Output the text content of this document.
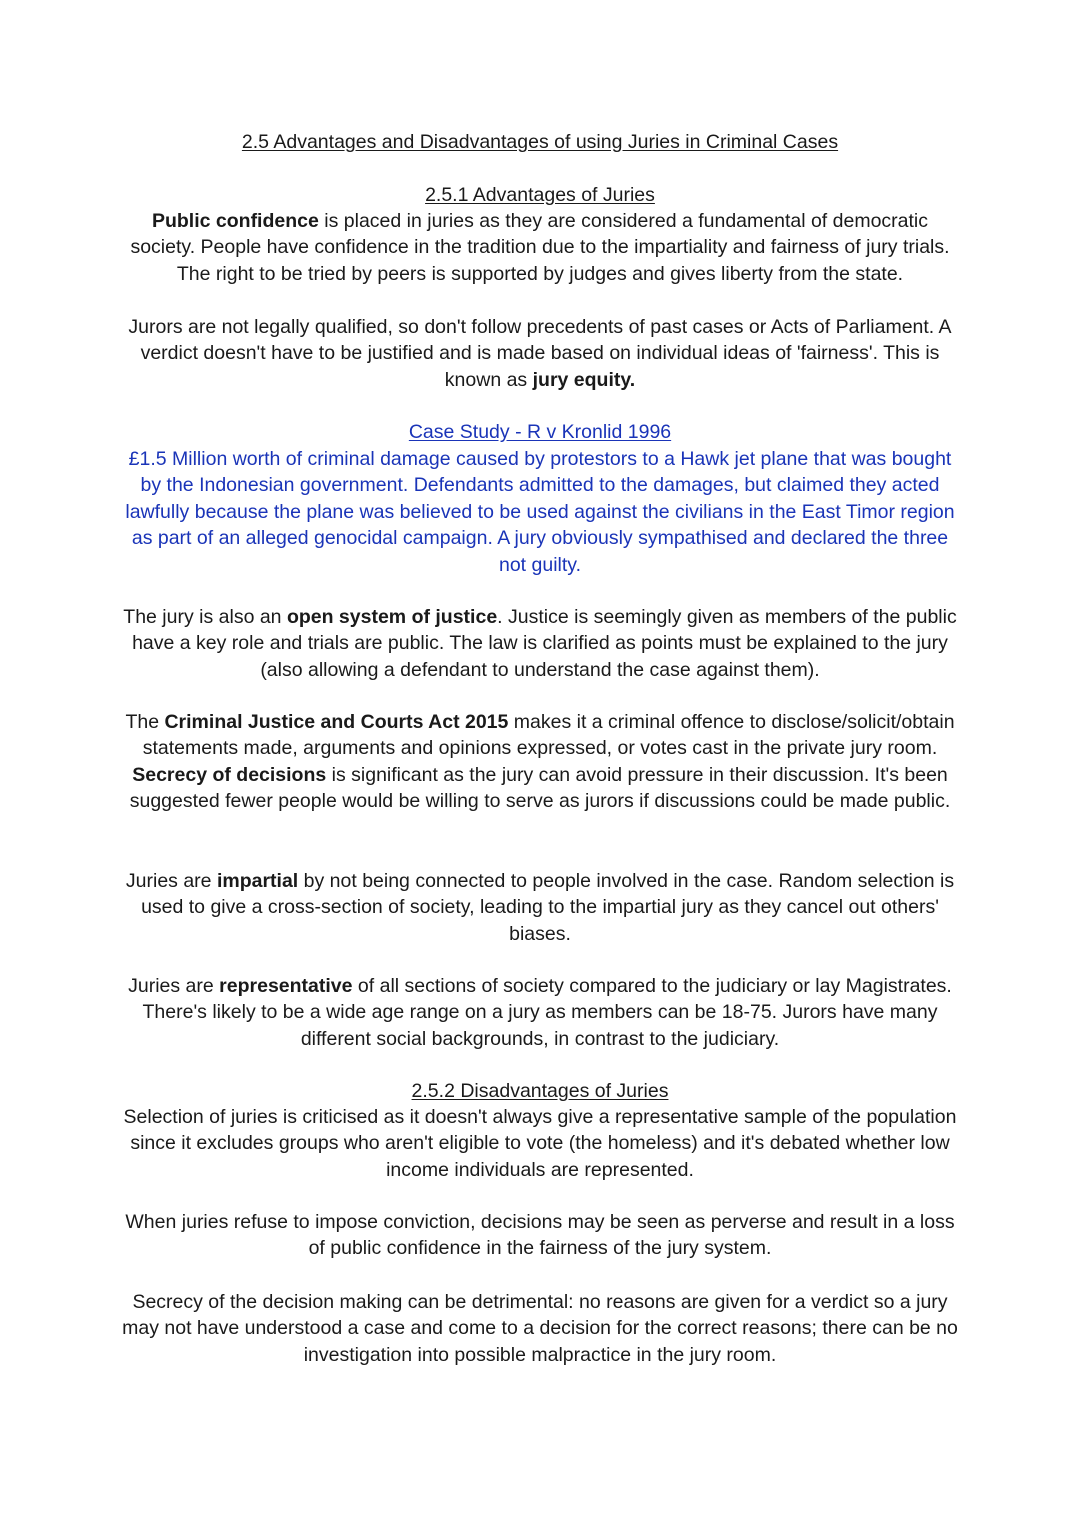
2.5 Advantages and Disadvantages of using Juries in Criminal Cases

2.5.1 Advantages of Juries

Public confidence is placed in juries as they are considered a fundamental of democratic society. People have confidence in the tradition due to the impartiality and fairness of jury trials. The right to be tried by peers is supported by judges and gives liberty from the state.

Jurors are not legally qualified, so don't follow precedents of past cases or Acts of Parliament. A verdict doesn't have to be justified and is made based on individual ideas of 'fairness'. This is known as jury equity.

Case Study - R v Kronlid 1996

£1.5 Million worth of criminal damage caused by protestors to a Hawk jet plane that was bought by the Indonesian government. Defendants admitted to the damages, but claimed they acted lawfully because the plane was believed to be used against the civilians in the East Timor region as part of an alleged genocidal campaign. A jury obviously sympathised and declared the three not guilty.

The jury is also an open system of justice. Justice is seemingly given as members of the public have a key role and trials are public. The law is clarified as points must be explained to the jury (also allowing a defendant to understand the case against them).

The Criminal Justice and Courts Act 2015 makes it a criminal offence to disclose/solicit/obtain statements made, arguments and opinions expressed, or votes cast in the private jury room. Secrecy of decisions is significant as the jury can avoid pressure in their discussion. It's been suggested fewer people would be willing to serve as jurors if discussions could be made public.

Juries are impartial by not being connected to people involved in the case. Random selection is used to give a cross-section of society, leading to the impartial jury as they cancel out others' biases.

Juries are representative of all sections of society compared to the judiciary or lay Magistrates. There's likely to be a wide age range on a jury as members can be 18-75. Jurors have many different social backgrounds, in contrast to the judiciary.

2.5.2 Disadvantages of Juries

Selection of juries is criticised as it doesn't always give a representative sample of the population since it excludes groups who aren't eligible to vote (the homeless) and it's debated whether low income individuals are represented.

When juries refuse to impose conviction, decisions may be seen as perverse and result in a loss of public confidence in the fairness of the jury system.

Secrecy of the decision making can be detrimental: no reasons are given for a verdict so a jury may not have understood a case and come to a decision for the correct reasons; there can be no investigation into possible malpractice in the jury room.
